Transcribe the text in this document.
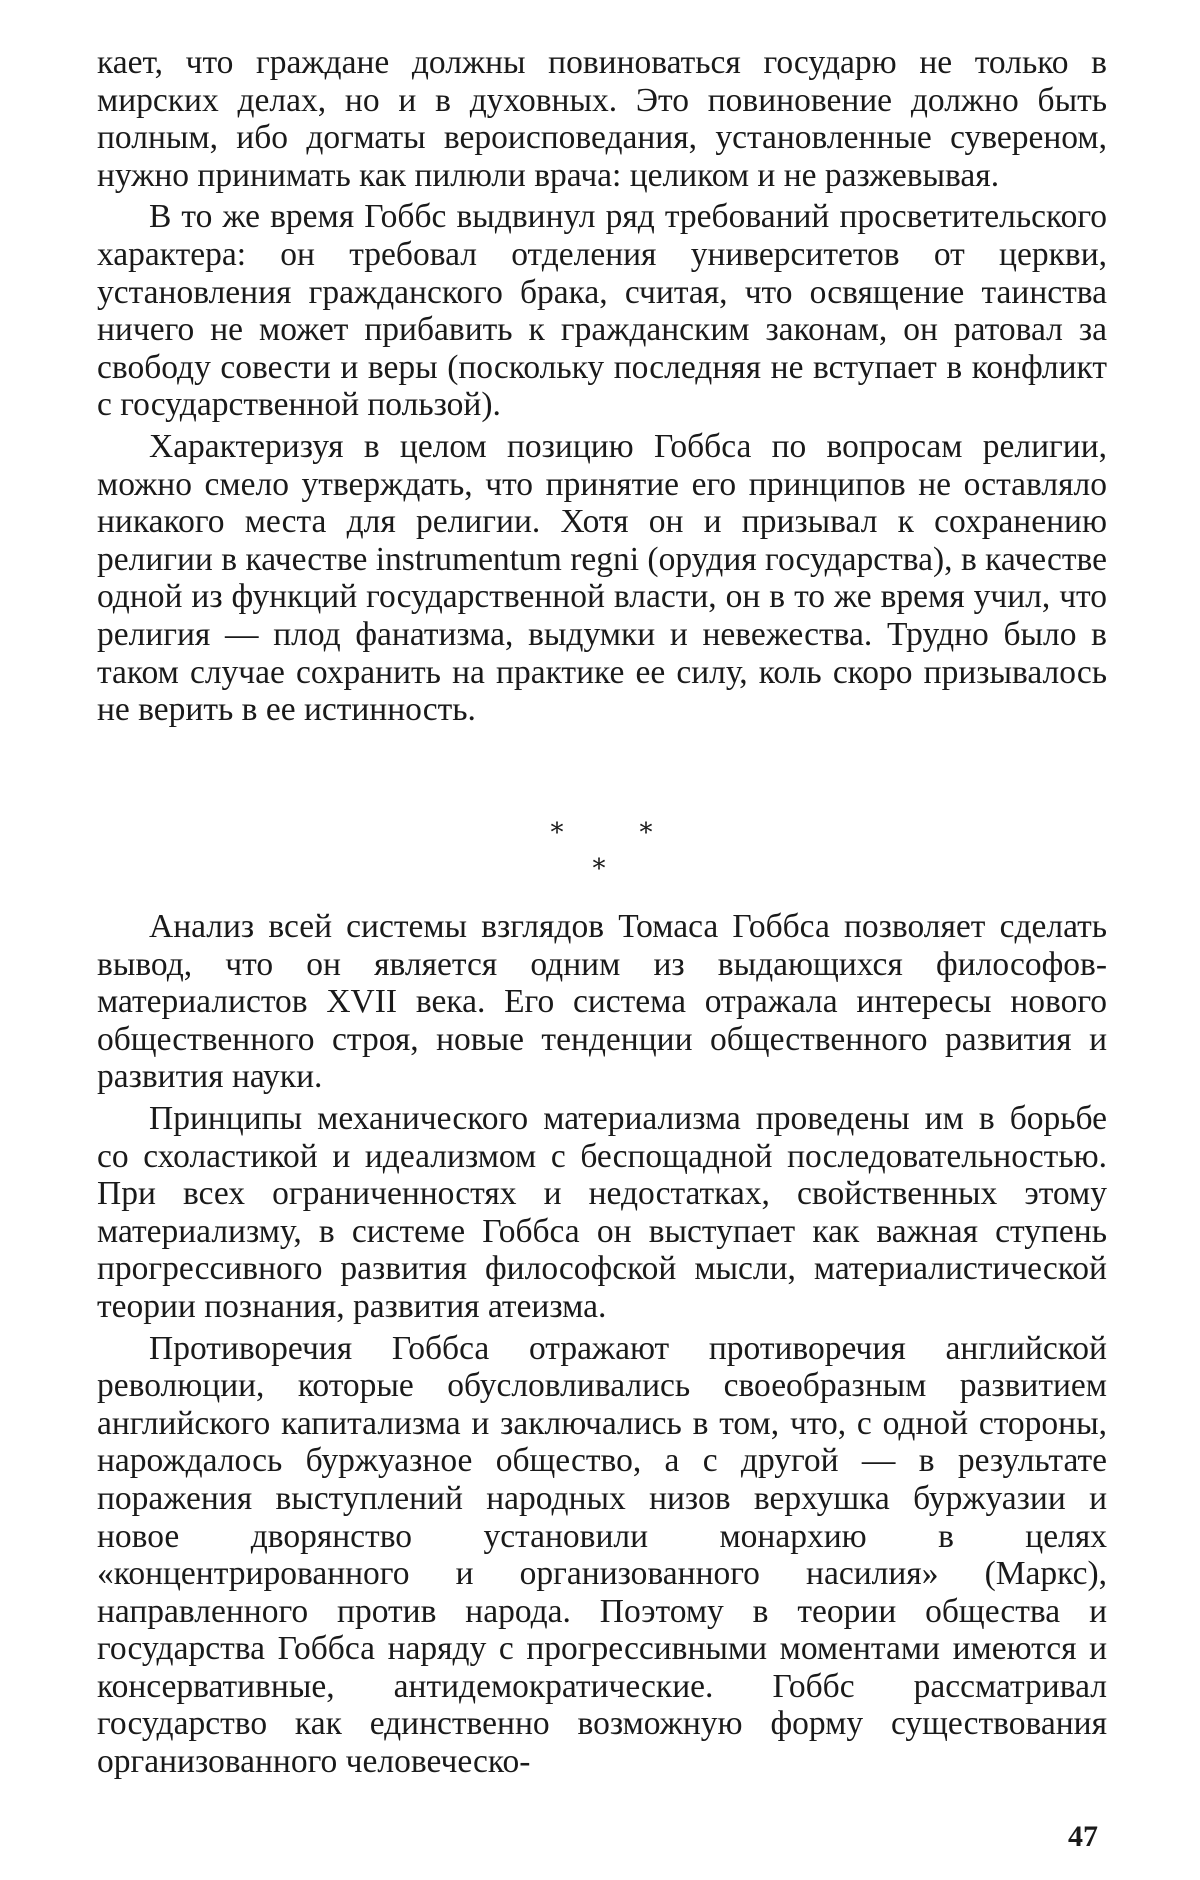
кает, что граждане должны повиноваться государю не только в мирских делах, но и в духовных. Это повиновение должно быть полным, ибо догматы вероисповедания, установленные сувереном, нужно принимать как пилюли врача: целиком и не разжевывая.

В то же время Гоббс выдвинул ряд требований просветительского характера: он требовал отделения университетов от церкви, установления гражданского брака, считая, что освящение таинства ничего не может прибавить к гражданским законам, он ратовал за свободу совести и веры (поскольку последняя не вступает в конфликт с государственной пользой).

Характеризуя в целом позицию Гоббса по вопросам религии, можно смело утверждать, что принятие его принципов не оставляло никакого места для религии. Хотя он и призывал к сохранению религии в качестве instrumentum regni (орудия государства), в качестве одной из функций государственной власти, он в то же время учил, что религия — плод фанатизма, выдумки и невежества. Трудно было в таком случае сохранить на практике ее силу, коль скоро призывалось не верить в ее истинность.

*	*
*

Анализ всей системы взглядов Томаса Гоббса позволяет сделать вывод, что он является одним из выдающихся философов-материалистов XVII века. Его система отражала интересы нового общественного строя, новые тенденции общественного развития и развития науки.

Принципы механического материализма проведены им в борьбе со схоластикой и идеализмом с беспощадной последовательностью. При всех ограниченностях и недостатках, свойственных этому материализму, в системе Гоббса он выступает как важная ступень прогрессивного развития философской мысли, материалистической теории познания, развития атеизма.

Противоречия Гоббса отражают противоречия английской революции, которые обусловливались своеобразным развитием английского капитализма и заключались в том, что, с одной стороны, нарождалось буржуазное общество, а с другой — в результате поражения выступлений народных низов верхушка буржуазии и новое дворянство установили монархию в целях «концентрированного и организованного насилия» (Маркс), направленного против народа. Поэтому в теории общества и государства Гоббса наряду с прогрессивными моментами имеются и консервативные, антидемократические. Гоббс рассматривал государство как единственно возможную форму существования организованного человеческо-

47
